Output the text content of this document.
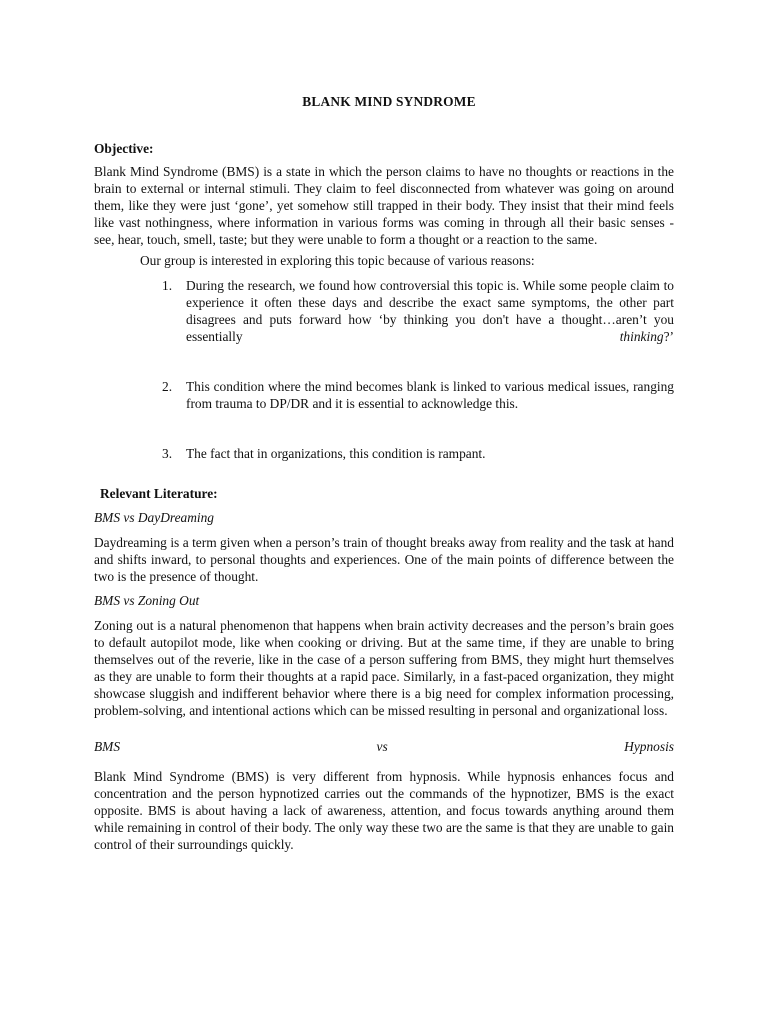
BLANK MIND SYNDROME
Objective:

Blank Mind Syndrome (BMS) is a state in which the person claims to have no thoughts or reactions in the brain to external or internal stimuli. They claim to feel disconnected from whatever was going on around them, like they were just ‘gone’, yet somehow still trapped in their body. They insist that their mind feels like vast nothingness, where information in various forms was coming in through all their basic senses - see, hear, touch, smell, taste; but they were unable to form a thought or a reaction to the same.

Our group is interested in exploring this topic because of various reasons:

1. During the research, we found how controversial this topic is. While some people claim to experience it often these days and describe the exact same symptoms, the other part disagrees and puts forward how ‘by thinking you don't have a thought…aren’t you essentially	thinking?’

2. This condition where the mind becomes blank is linked to various medical issues, ranging from trauma to DP/DR and it is essential to acknowledge this.

3. The fact that in organizations, this condition is rampant.

Relevant Literature:
BMS vs DayDreaming

Daydreaming is a term given when a person’s train of thought breaks away from reality and the task at hand and shifts inward, to personal thoughts and experiences. One of the main points of difference between the two is the presence of thought.

BMS vs Zoning Out

Zoning out is a natural phenomenon that happens when brain activity decreases and the person’s brain goes to default autopilot mode, like when cooking or driving. But at the same time, if they are unable to bring themselves out of the reverie, like in the case of a person suffering from BMS, they might hurt themselves as they are unable to form their thoughts at a rapid pace. Similarly, in a fast-paced organization, they might showcase sluggish and indifferent behavior where there is a big need for complex information processing, problem-solving, and intentional actions which can be missed resulting in personal and organizational loss.

BMS	vs	Hypnosis

Blank Mind Syndrome (BMS) is very different from hypnosis. While hypnosis enhances focus and concentration and the person hypnotized carries out the commands of the hypnotizer, BMS is the exact opposite. BMS is about having a lack of awareness, attention, and focus towards anything around them while remaining in control of their body. The only way these two are the same is that they are unable to gain control of their surroundings quickly.
